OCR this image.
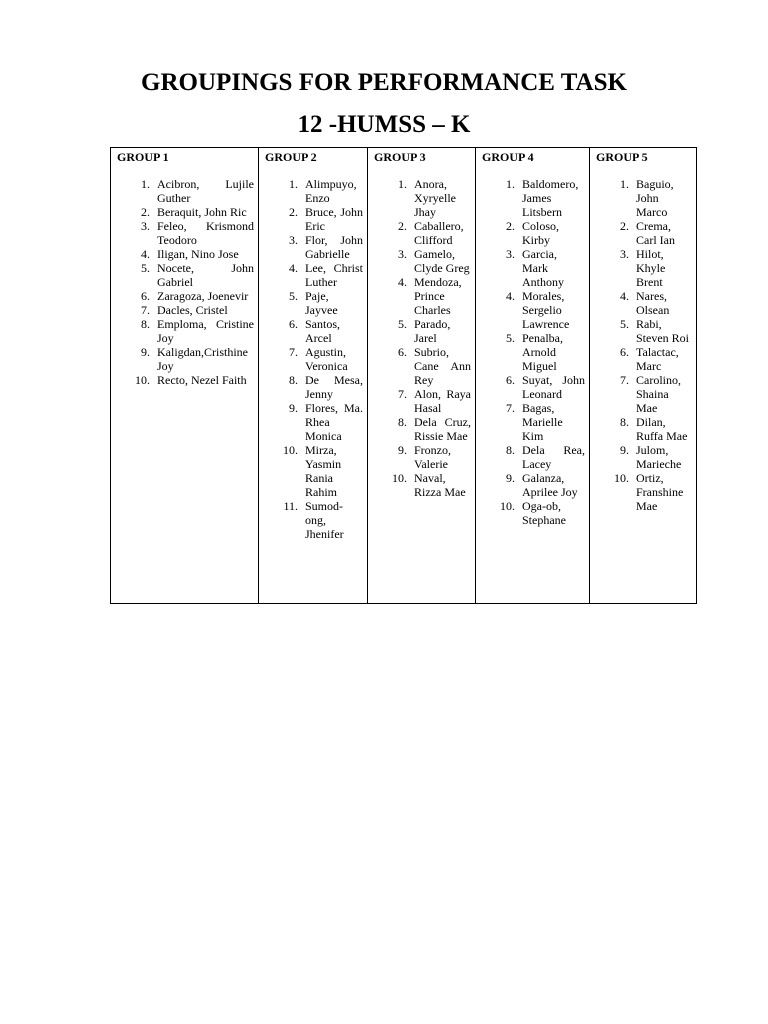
GROUPINGS FOR PERFORMANCE TASK
12 -HUMSS – K
GROUP 1
1. Acibron, Lujile Guther
2. Beraquit, John Ric
3. Feleo, Krismond Teodoro
4. Iligan, Nino Jose
5. Nocete, John Gabriel
6. Zaragoza, Joenevir
7. Dacles, Cristel
8. Emploma, Cristine Joy
9. Kaligdan,Cristhine Joy
10. Recto, Nezel Faith

GROUP 2
1. Alimpuyo, Enzo
2. Bruce, John Eric
3. Flor, John Gabrielle
4. Lee, Christ Luther
5. Paje, Jayvee
6. Santos, Arcel
7. Agustin, Veronica
8. De Mesa, Jenny
9. Flores, Ma. Rhea Monica
10. Mirza, Yasmin Rania Rahim
11. Sumod-ong, Jhenifer

GROUP 3
1. Anora, Xyryelle Jhay
2. Caballero, Clifford
3. Gamelo, Clyde Greg
4. Mendoza, Prince Charles
5. Parado, Jarel
6. Subrio, Cane Ann Rey
7. Alon, Raya Hasal
8. Dela Cruz, Rissie Mae
9. Fronzo, Valerie
10. Naval, Rizza Mae

GROUP 4
1. Baldomero, James Litsbern
2. Coloso, Kirby
3. Garcia, Mark Anthony
4. Morales, Sergelio Lawrence
5. Penalba, Arnold Miguel
6. Suyat, John Leonard
7. Bagas, Marielle Kim
8. Dela Rea, Lacey
9. Galanza, Aprilee Joy
10. Oga-ob, Stephane

GROUP 5
1. Baguio, John Marco
2. Crema, Carl Ian
3. Hilot, Khyle Brent
4. Nares, Olsean
5. Rabi, Steven Roi
6. Talactac, Marc
7. Carolino, Shaina Mae
8. Dilan, Ruffa Mae
9. Julom, Marieche
10. Ortiz, Franshine Mae
